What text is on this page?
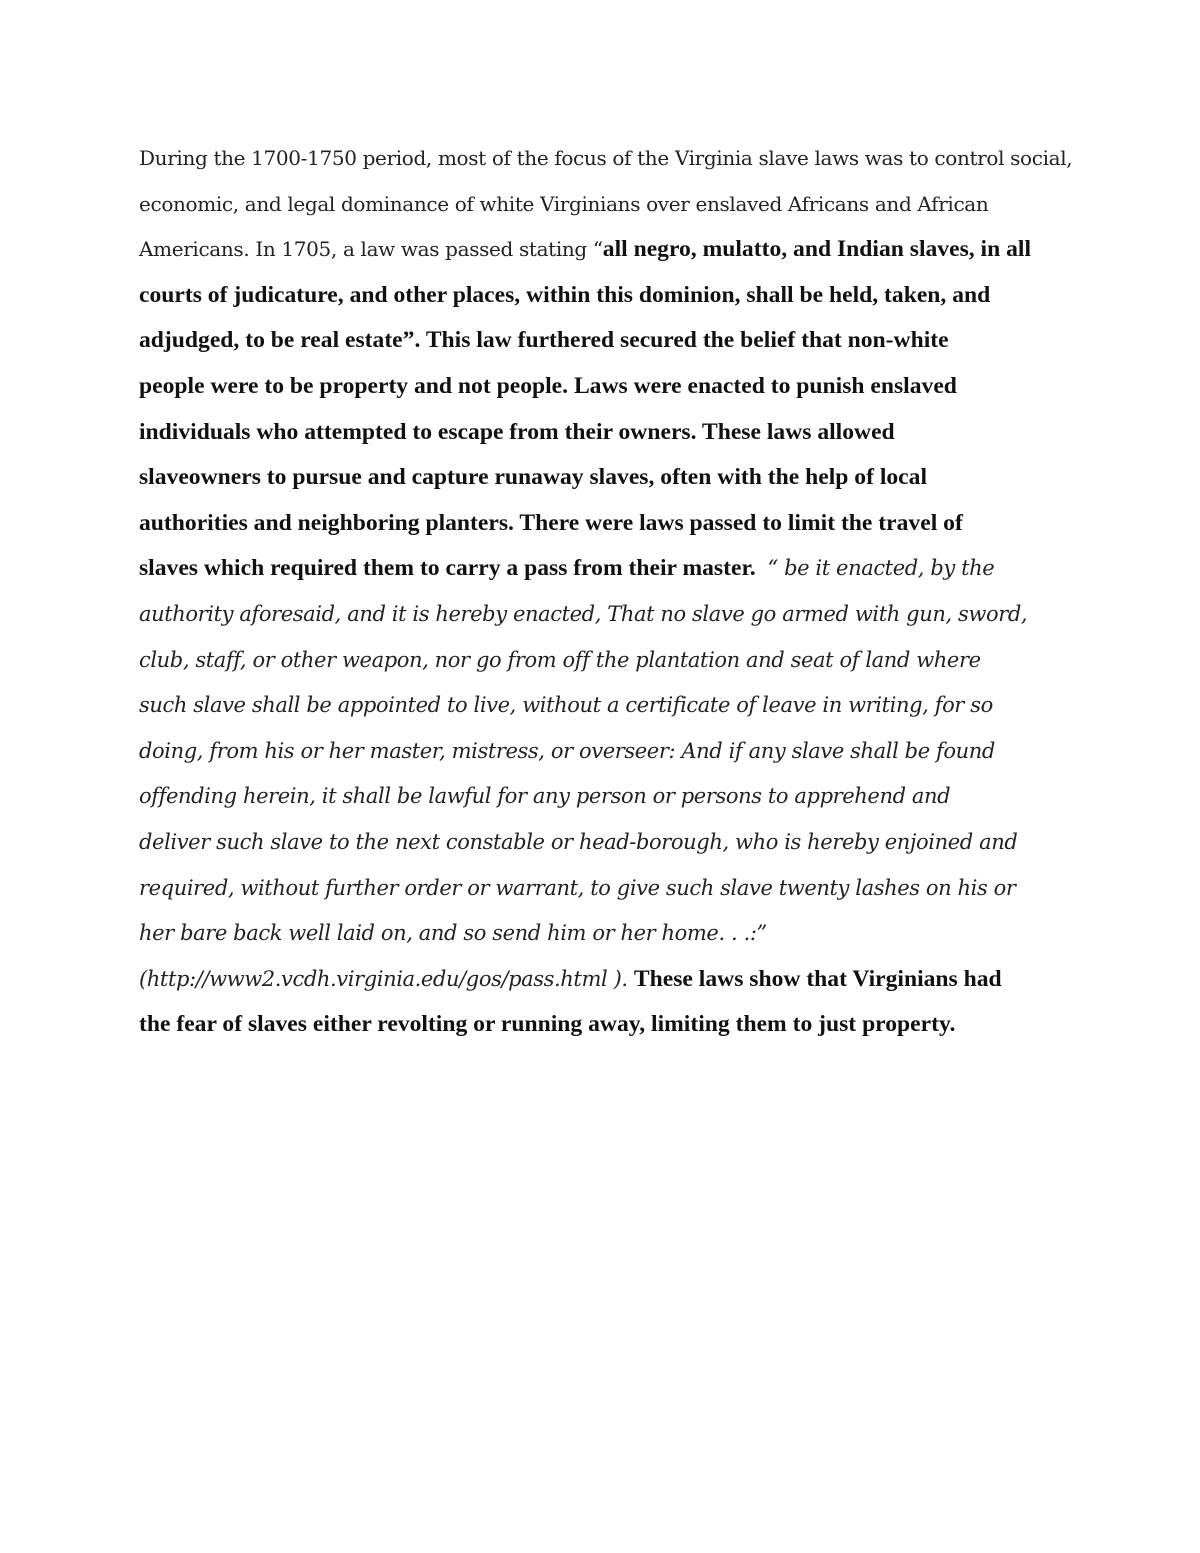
During the 1700-1750 period, most of the focus of the Virginia slave laws was to control social,
economic, and legal dominance of white Virginians over enslaved Africans and African
Americans. In 1705, a law was passed stating “all negro, mulatto, and Indian slaves, in all
courts of judicature, and other places, within this dominion, shall be held, taken, and
adjudged, to be real estate”. This law furthered secured the belief that non-white
people were to be property and not people. Laws were enacted to punish enslaved
individuals who attempted to escape from their owners. These laws allowed
slaveowners to pursue and capture runaway slaves, often with the help of local
authorities and neighboring planters. There were laws passed to limit the travel of
slaves which required them to carry a pass from their master.  “ be it enacted, by the
authority aforesaid, and it is hereby enacted, That no slave go armed with gun, sword,
club, staff, or other weapon, nor go from off the plantation and seat of land where
such slave shall be appointed to live, without a certificate of leave in writing, for so
doing, from his or her master, mistress, or overseer: And if any slave shall be found
offending herein, it shall be lawful for any person or persons to apprehend and
deliver such slave to the next constable or head-borough, who is hereby enjoined and
required, without further order or warrant, to give such slave twenty lashes on his or
her bare back well laid on, and so send him or her home. . .:”
(http://www2.vcdh.virginia.edu/gos/pass.html ). These laws show that Virginians had
the fear of slaves either revolting or running away, limiting them to just property.
